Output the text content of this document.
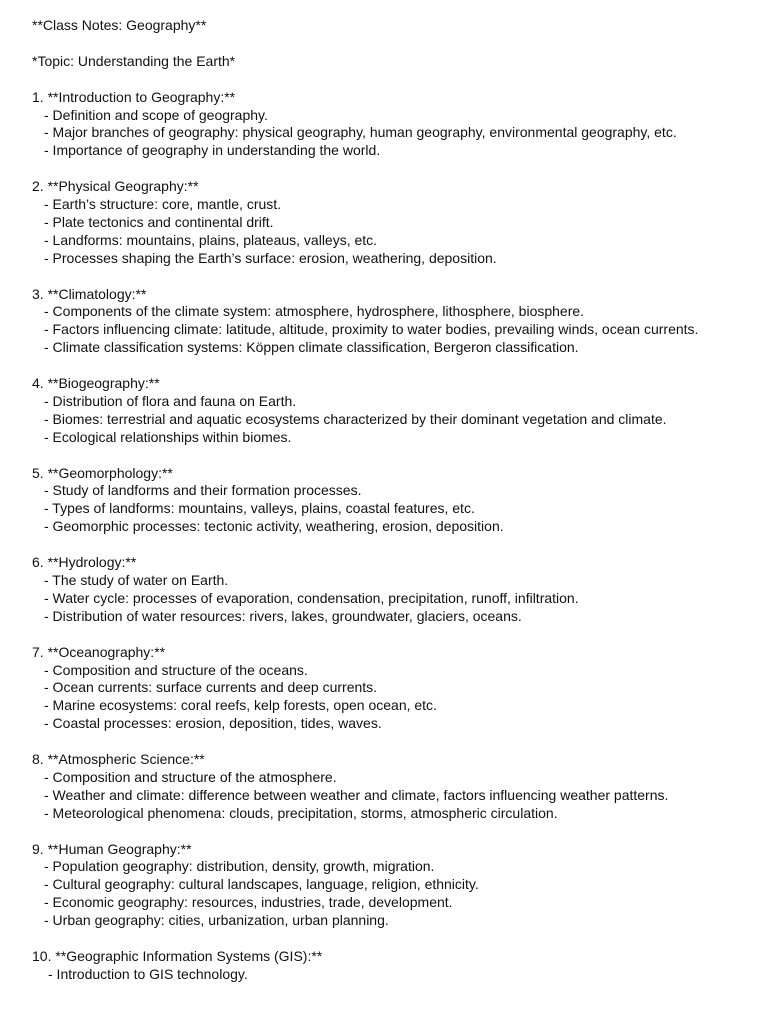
**Class Notes: Geography**
*Topic: Understanding the Earth*
1. **Introduction to Geography:**
- Definition and scope of geography.
- Major branches of geography: physical geography, human geography, environmental geography, etc.
- Importance of geography in understanding the world.
2. **Physical Geography:**
- Earth’s structure: core, mantle, crust.
- Plate tectonics and continental drift.
- Landforms: mountains, plains, plateaus, valleys, etc.
- Processes shaping the Earth’s surface: erosion, weathering, deposition.
3. **Climatology:**
- Components of the climate system: atmosphere, hydrosphere, lithosphere, biosphere.
- Factors influencing climate: latitude, altitude, proximity to water bodies, prevailing winds, ocean currents.
- Climate classification systems: Köppen climate classification, Bergeron classification.
4. **Biogeography:**
- Distribution of flora and fauna on Earth.
- Biomes: terrestrial and aquatic ecosystems characterized by their dominant vegetation and climate.
- Ecological relationships within biomes.
5. **Geomorphology:**
- Study of landforms and their formation processes.
- Types of landforms: mountains, valleys, plains, coastal features, etc.
- Geomorphic processes: tectonic activity, weathering, erosion, deposition.
6. **Hydrology:**
- The study of water on Earth.
- Water cycle: processes of evaporation, condensation, precipitation, runoff, infiltration.
- Distribution of water resources: rivers, lakes, groundwater, glaciers, oceans.
7. **Oceanography:**
- Composition and structure of the oceans.
- Ocean currents: surface currents and deep currents.
- Marine ecosystems: coral reefs, kelp forests, open ocean, etc.
- Coastal processes: erosion, deposition, tides, waves.
8. **Atmospheric Science:**
- Composition and structure of the atmosphere.
- Weather and climate: difference between weather and climate, factors influencing weather patterns.
- Meteorological phenomena: clouds, precipitation, storms, atmospheric circulation.
9. **Human Geography:**
- Population geography: distribution, density, growth, migration.
- Cultural geography: cultural landscapes, language, religion, ethnicity.
- Economic geography: resources, industries, trade, development.
- Urban geography: cities, urbanization, urban planning.
10. **Geographic Information Systems (GIS):**
- Introduction to GIS technology.
